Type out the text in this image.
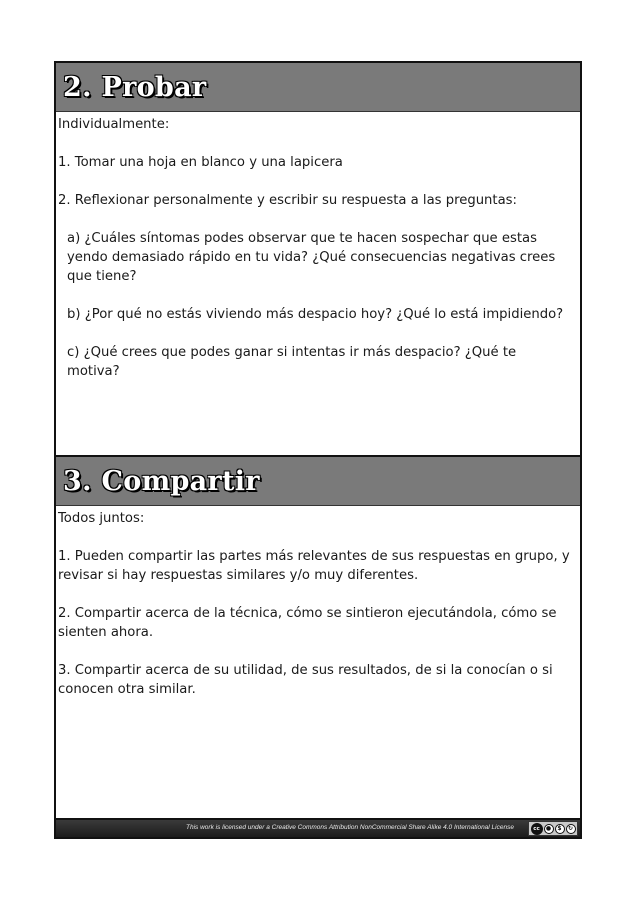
2. Probar

Individualmente:

1. Tomar una hoja en blanco y una lapicera

2. Reflexionar personalmente y escribir su respuesta a las preguntas:

a) ¿Cuáles síntomas podes observar que te hacen sospechar que estas yendo demasiado rápido en tu vida? ¿Qué consecuencias negativas crees que tiene?

b) ¿Por qué no estás viviendo más despacio hoy? ¿Qué lo está impidiendo?

c) ¿Qué crees que podes ganar si intentas ir más despacio? ¿Qué te motiva?

3. Compartir

Todos juntos:

1. Pueden compartir las partes más relevantes de sus respuestas en grupo, y revisar si hay respuestas similares y/o muy diferentes.

2. Compartir acerca de la técnica, cómo se sintieron ejecutándola, cómo se sienten ahora.

3. Compartir acerca de su utilidad, de sus resultados, de si la conocían o si conocen otra similar.

This work is licensed under a Creative Commons Attribution NonCommercial Share Alike 4.0 International License	cc	●	$	↻
